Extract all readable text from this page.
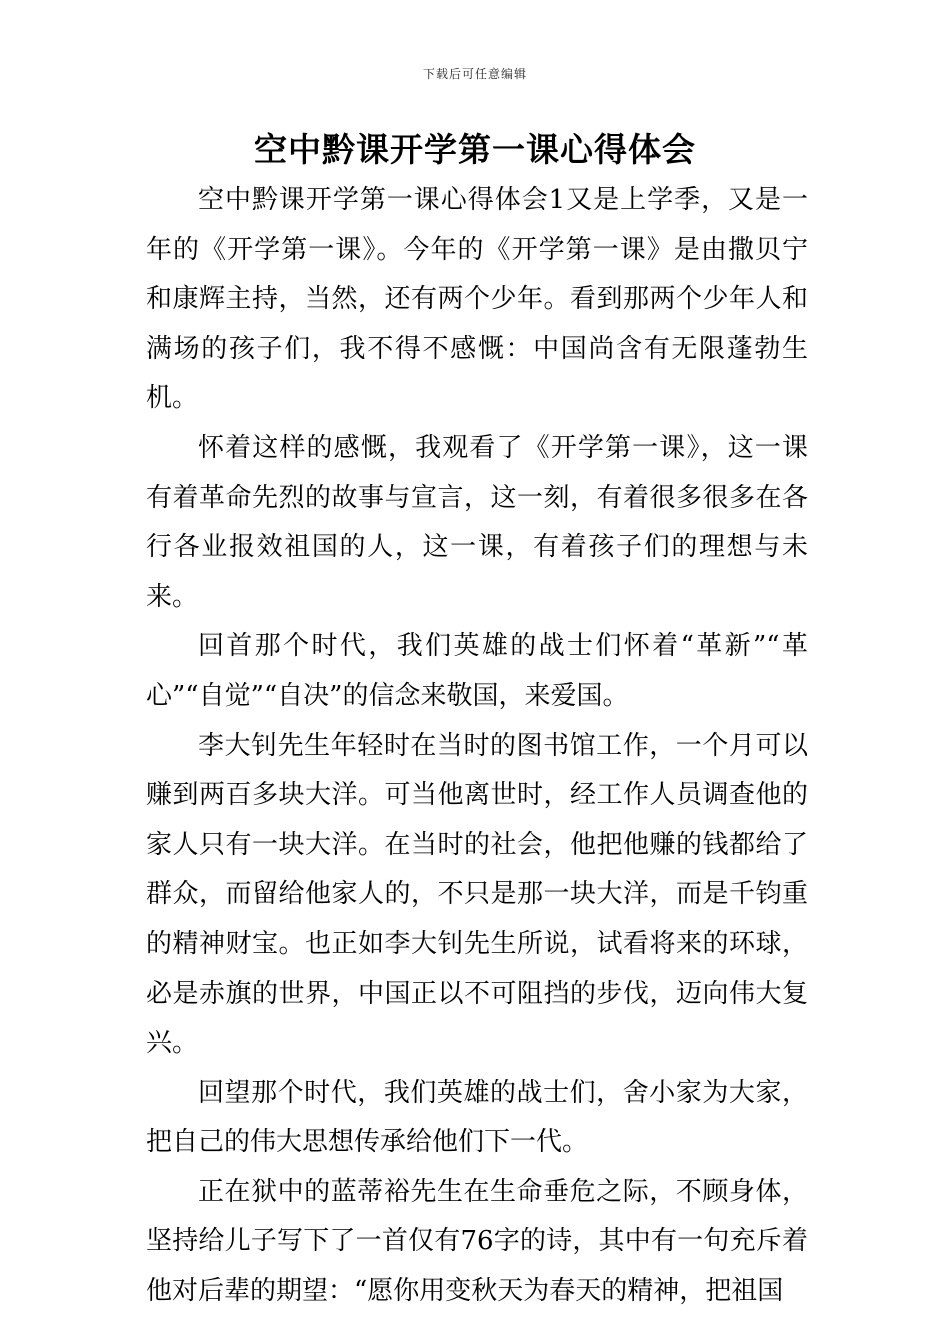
下载后可任意编辑
空中黔课开学第一课心得体会

空中黔课开学第一课心得体会1又是上学季，又是一年的《开学第一课》。今年的《开学第一课》是由撒贝宁和康辉主持，当然，还有两个少年。看到那两个少年人和满场的孩子们，我不得不感慨：中国尚含有无限蓬勃生机。

怀着这样的感慨，我观看了《开学第一课》，这一课有着革命先烈的故事与宣言，这一刻，有着很多很多在各行各业报效祖国的人，这一课，有着孩子们的理想与未来。

回首那个时代，我们英雄的战士们怀着“革新”“革心”“自觉”“自决”的信念来敬国，来爱国。

李大钊先生年轻时在当时的图书馆工作，一个月可以赚到两百多块大洋。可当他离世时，经工作人员调查他的家人只有一块大洋。在当时的社会，他把他赚的钱都给了群众，而留给他家人的，不只是那一块大洋，而是千钧重的精神财宝。也正如李大钊先生所说，试看将来的环球，必是赤旗的世界，中国正以不可阻挡的步伐，迈向伟大复兴。

回望那个时代，我们英雄的战士们，舍小家为大家，把自己的伟大思想传承给他们下一代。

正在狱中的蓝蒂裕先生在生命垂危之际，不顾身体，坚持给儿子写下了一首仅有76字的诗，其中有一句充斥着他对后辈的期望：“愿你用变秋天为春天的精神，把祖国
